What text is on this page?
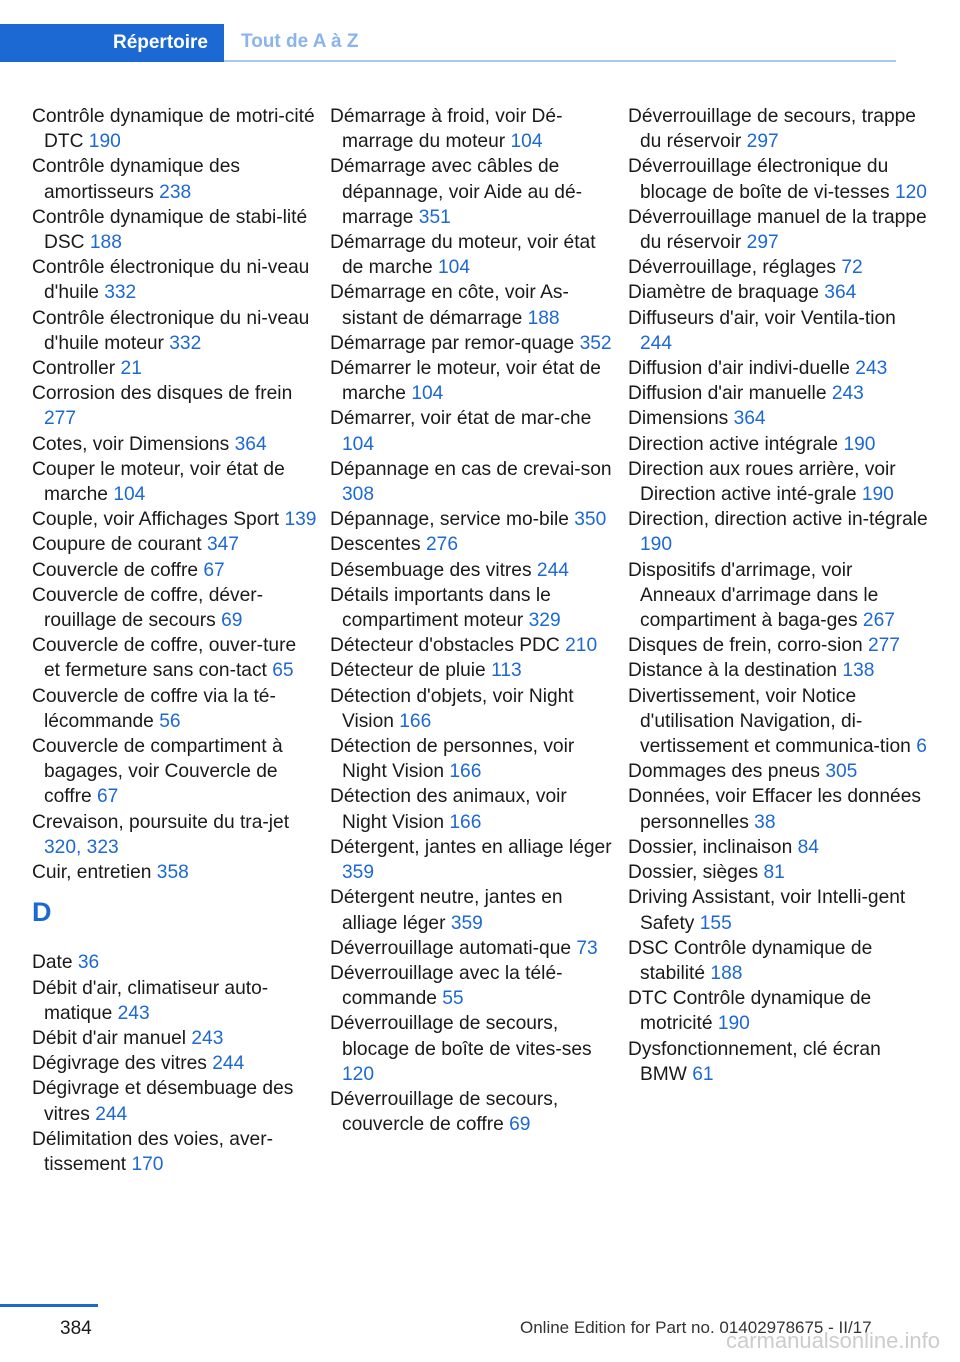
Répertoire	Tout de A à Z
Contrôle dynamique de motri-cité DTC 190
Contrôle dynamique des amortisseurs 238
Contrôle dynamique de stabi-lité DSC 188
Contrôle électronique du ni-veau d'huile 332
Contrôle électronique du ni-veau d'huile moteur 332
Controller 21
Corrosion des disques de frein 277
Cotes, voir Dimensions 364
Couper le moteur, voir état de marche 104
Couple, voir Affichages Sport 139
Coupure de courant 347
Couvercle de coffre 67
Couvercle de coffre, déver-rouillage de secours 69
Couvercle de coffre, ouver-ture et fermeture sans con-tact 65
Couvercle de coffre via la té-lécommande 56
Couvercle de compartiment à bagages, voir Couvercle de coffre 67
Crevaison, poursuite du tra-jet 320, 323
Cuir, entretien 358
D
Date 36
Débit d'air, climatiseur auto-matique 243
Débit d'air manuel 243
Dégivrage des vitres 244
Dégivrage et désembuage des vitres 244
Délimitation des voies, aver-tissement 170
Démarrage à froid, voir Dé-marrage du moteur 104
Démarrage avec câbles de dépannage, voir Aide au dé-marrage 351
Démarrage du moteur, voir état de marche 104
Démarrage en côte, voir As-sistant de démarrage 188
Démarrage par remor-quage 352
Démarrer le moteur, voir état de marche 104
Démarrer, voir état de mar-che 104
Dépannage en cas de crevai-son 308
Dépannage, service mo-bile 350
Descentes 276
Désembuage des vitres 244
Détails importants dans le compartiment moteur 329
Détecteur d'obstacles PDC 210
Détecteur de pluie 113
Détection d'objets, voir Night Vision 166
Détection de personnes, voir Night Vision 166
Détection des animaux, voir Night Vision 166
Détergent, jantes en alliage léger 359
Détergent neutre, jantes en alliage léger 359
Déverrouillage automati-que 73
Déverrouillage avec la télé-commande 55
Déverrouillage de secours, blocage de boîte de vites-ses 120
Déverrouillage de secours, couvercle de coffre 69
Déverrouillage de secours, trappe du réservoir 297
Déverrouillage électronique du blocage de boîte de vi-tesses 120
Déverrouillage manuel de la trappe du réservoir 297
Déverrouillage, réglages 72
Diamètre de braquage 364
Diffuseurs d'air, voir Ventila-tion 244
Diffusion d'air indivi-duelle 243
Diffusion d'air manuelle 243
Dimensions 364
Direction active intégrale 190
Direction aux roues arrière, voir Direction active inté-grale 190
Direction, direction active in-tégrale 190
Dispositifs d'arrimage, voir Anneaux d'arrimage dans le compartiment à baga-ges 267
Disques de frein, corro-sion 277
Distance à la destination 138
Divertissement, voir Notice d'utilisation Navigation, di-vertissement et communica-tion 6
Dommages des pneus 305
Données, voir Effacer les données personnelles 38
Dossier, inclinaison 84
Dossier, sièges 81
Driving Assistant, voir Intelli-gent Safety 155
DSC Contrôle dynamique de stabilité 188
DTC Contrôle dynamique de motricité 190
Dysfonctionnement, clé écran BMW 61
384	Online Edition for Part no. 01402978675 - II/17
carmanualsonline.info
